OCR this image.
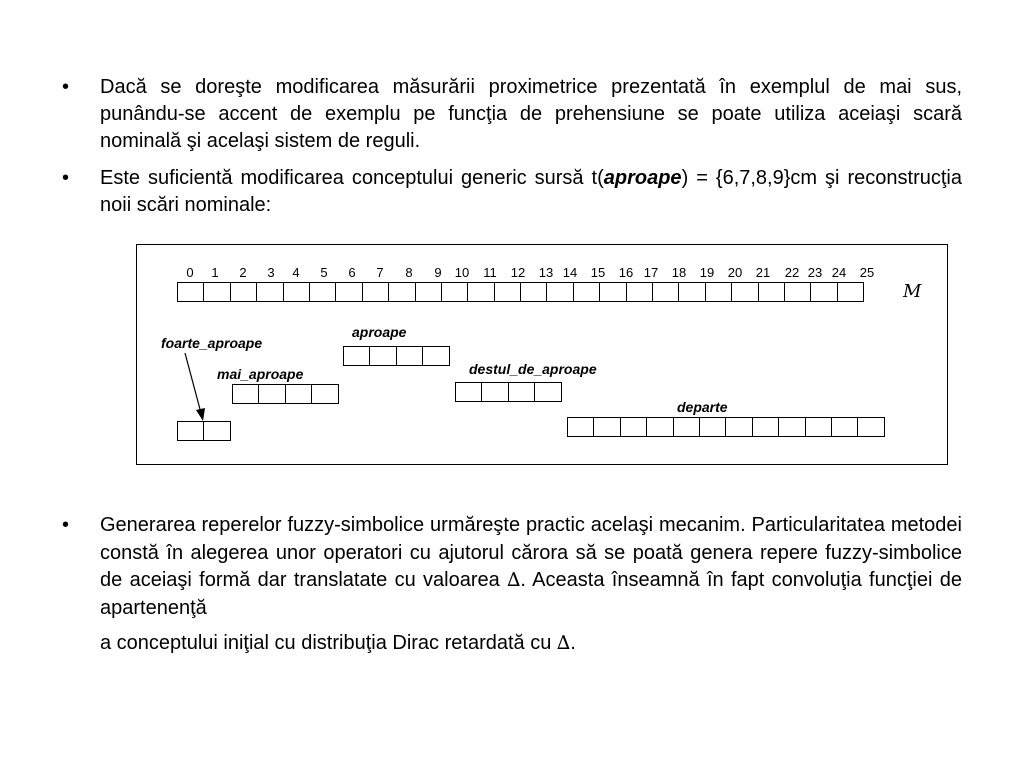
• Dacă se doreşte modificarea măsurării proximetrice prezentată în exemplul de mai sus, punându-se accent de exemplu pe funcţia de prehensiune se poate utiliza aceiaşi scară nominală şi acelaşi sistem de reguli.
• Este suficientă modificarea conceptului generic sursă t(aproape) = {6,7,8,9}cm şi reconstrucţia noii scări nominale:
0 1 2 3 4 5 6 7 8 9 10 11 12 13 14 15 16 17 18 19 20 21 22 23 24 25
M
foarte_aproape
mai_aproape
aproape
destul_de_aproape
departe
• Generarea reperelor fuzzy-simbolice urmăreşte practic acelaşi mecanim. Particularitatea metodei constă în alegerea unor operatori cu ajutorul cărora să se poată genera repere fuzzy-simbolice de aceiaşi formă dar translatate cu valoarea ∆. Aceasta înseamnă în fapt convoluţia funcţiei de apartenenţă
a conceptului iniţial cu distribuţia Dirac retardată cu ∆.
